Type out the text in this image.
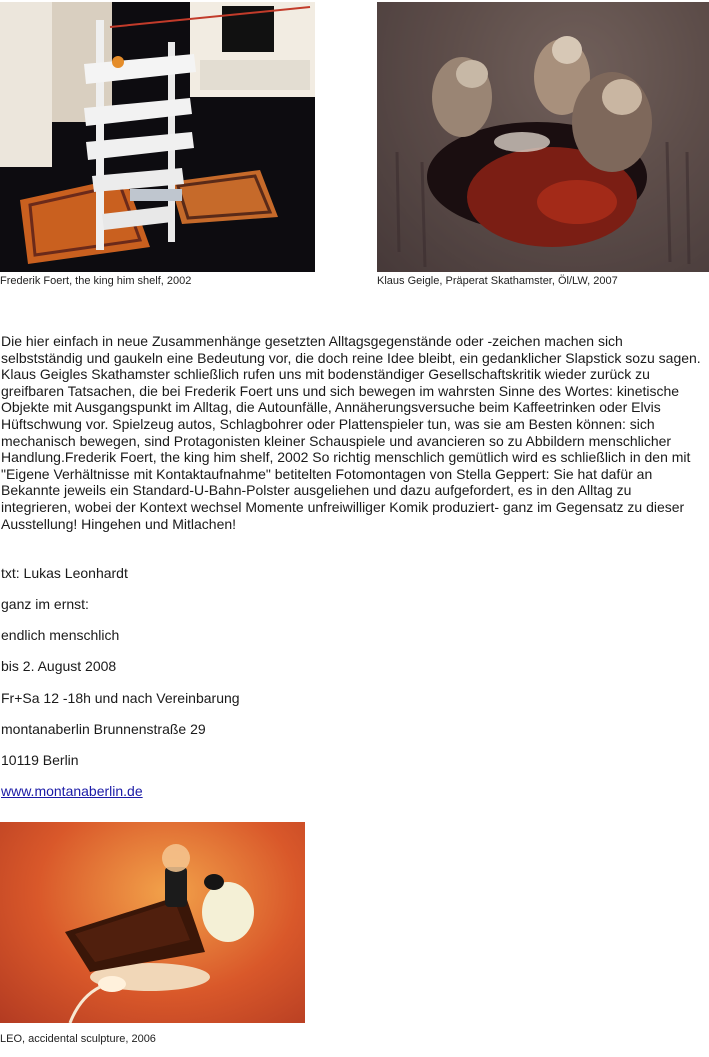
Frederik Foert, the king him shelf, 2002	Klaus Geigle, Präperat Skathamster, Öl/LW, 2007

Die hier einfach in neue Zusammenhänge gesetzten Alltagsgegenstände oder -zeichen machen sich selbstständig und gaukeln eine Bedeutung vor, die doch reine Idee bleibt, ein gedanklicher Slapstick sozu sagen. Klaus Geigles Skathamster schließlich rufen uns mit bodenständiger Gesellschaftskritik wieder zurück zu greifbaren Tatsachen, die bei Frederik Foert uns und sich bewegen im wahrsten Sinne des Wortes: kinetische Objekte mit Ausgangspunkt im Alltag, die Autounfälle, Annäherungsversuche beim Kaffeetrinken oder Elvis Hüftschwung vor. Spielzeug autos, Schlagbohrer oder Plattenspieler tun, was sie am Besten können: sich mechanisch bewegen, sind Protagonisten kleiner Schauspiele und avancieren so zu Abbildern menschlicher Handlung.Frederik Foert, the king him shelf, 2002 So richtig menschlich gemütlich wird es schließlich in den mit "Eigene Verhältnisse mit Kontaktaufnahme" betitelten Fotomontagen von Stella Geppert: Sie hat dafür an Bekannte jeweils ein Standard-U-Bahn-Polster ausgeliehen und dazu aufgefordert, es in den Alltag zu integrieren, wobei der Kontext wechsel Momente unfreiwilliger Komik produziert- ganz im Gegensatz zu dieser Ausstellung! Hingehen und Mitlachen!

txt: Lukas Leonhardt
ganz im ernst:
endlich menschlich
bis 2. August 2008
Fr+Sa 12 -18h und nach Vereinbarung
montanaberlin Brunnenstraße 29
10119 Berlin
www.montanaberlin.de
LEO, accidental sculpture, 2006
